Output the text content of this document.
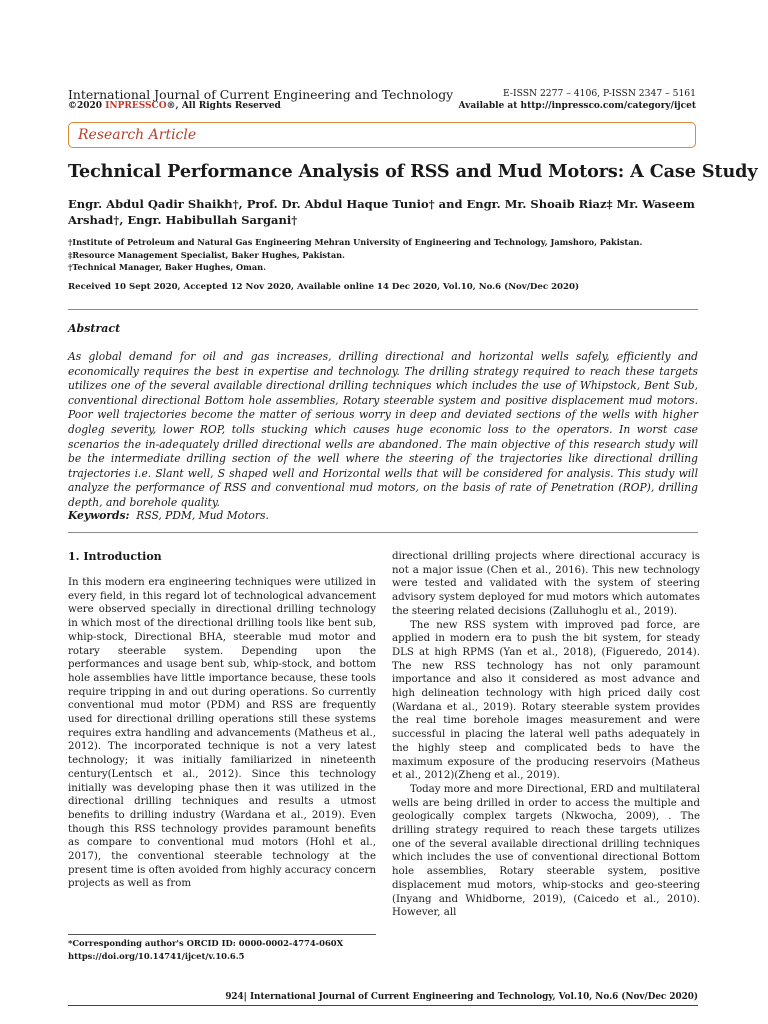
International Journal of Current Engineering and Technology
©2020 INPRESSCO®, All Rights Reserved
E-ISSN 2277 – 4106, P-ISSN 2347 – 5161
Available at http://inpressco.com/category/ijcet
Research Article
Technical Performance Analysis of RSS and Mud Motors: A Case Study
Engr. Abdul Qadir Shaikh†, Prof. Dr. Abdul Haque Tunio† and Engr. Mr. Shoaib Riaz‡ Mr. Waseem Arshad†, Engr. Habibullah Sargani†
†Institute of Petroleum and Natural Gas Engineering Mehran University of Engineering and Technology, Jamshoro, Pakistan.
‡Resource Management Specialist, Baker Hughes, Pakistan.
†Technical Manager, Baker Hughes, Oman.
Received 10 Sept 2020, Accepted 12 Nov 2020, Available online 14 Dec 2020, Vol.10, No.6 (Nov/Dec 2020)
Abstract
As global demand for oil and gas increases, drilling directional and horizontal wells safely, efficiently and economically requires the best in expertise and technology. The drilling strategy required to reach these targets utilizes one of the several available directional drilling techniques which includes the use of Whipstock, Bent Sub, conventional directional Bottom hole assemblies, Rotary steerable system and positive displacement mud motors. Poor well trajectories become the matter of serious worry in deep and deviated sections of the wells with higher dogleg severity, lower ROP, tolls stucking which causes huge economic loss to the operators. In worst case scenarios the in-adequately drilled directional wells are abandoned. The main objective of this research study will be the intermediate drilling section of the well where the steering of the trajectories like directional drilling trajectories i.e. Slant well, S shaped well and Horizontal wells that will be considered for analysis. This study will analyze the performance of RSS and conventional mud motors, on the basis of rate of Penetration (ROP), drilling depth, and borehole quality.
Keywords: RSS, PDM, Mud Motors.
1. Introduction

In this modern era engineering techniques were utilized in every field, in this regard lot of technological advancement were observed specially in directional drilling technology in which most of the directional drilling tools like bent sub, whip-stock, Directional BHA, steerable mud motor and rotary steerable system. Depending upon the performances and usage bent sub, whip-stock, and bottom hole assemblies have little importance because, these tools require tripping in and out during operations. So currently conventional mud motor (PDM) and RSS are frequently used for directional drilling operations still these systems requires extra handling and advancements (Matheus et al., 2012). The incorporated technique is not a very latest technology; it was initially familiarized in nineteenth century(Lentsch et al., 2012). Since this technology initially was developing phase then it was utilized in the directional drilling techniques and results a utmost benefits to drilling industry (Wardana et al., 2019). Even though this RSS technology provides paramount benefits as compare to conventional mud motors (Hohl et al., 2017), the conventional steerable technology at the present time is often avoided from highly accuracy concern projects as well as from

directional drilling projects where directional accuracy is not a major issue (Chen et al., 2016). This new technology were tested and validated with the system of steering advisory system deployed for mud motors which automates the steering related decisions (Zalluhoglu et al., 2019).

The new RSS system with improved pad force, are applied in modern era to push the bit system, for steady DLS at high RPMS (Yan et al., 2018), (Figueredo, 2014). The new RSS technology has not only paramount importance and also it considered as most advance and high delineation technology with high priced daily cost (Wardana et al., 2019). Rotary steerable system provides the real time borehole images measurement and were successful in placing the lateral well paths adequately in the highly steep and complicated beds to have the maximum exposure of the producing reservoirs (Matheus et al., 2012)(Zheng et al., 2019).

Today more and more Directional, ERD and multilateral wells are being drilled in order to access the multiple and geologically complex targets (Nkwocha, 2009), . The drilling strategy required to reach these targets utilizes one of the several available directional drilling techniques which includes the use of conventional directional Bottom hole assemblies, Rotary steerable system, positive displacement mud motors, whip-stocks and geo-steering (Inyang and Whidborne, 2019), (Caicedo et al., 2010). However, all

*Corresponding author's ORCID ID: 0000-0002-4774-060X
https://doi.org/10.14741/ijcet/v.10.6.5
924| International Journal of Current Engineering and Technology, Vol.10, No.6 (Nov/Dec 2020)
